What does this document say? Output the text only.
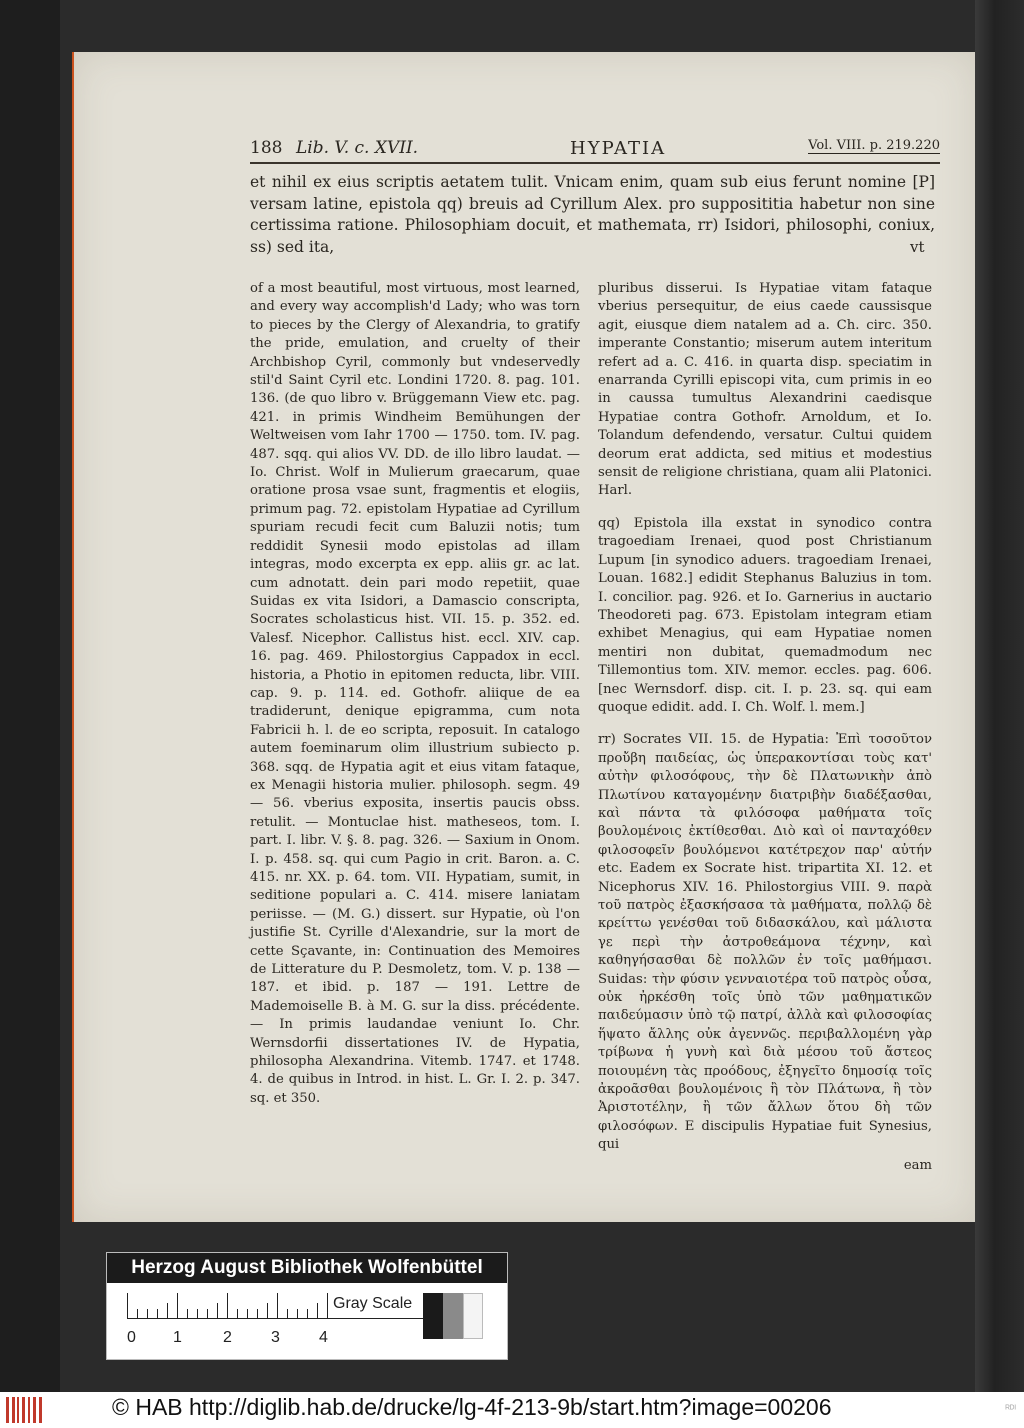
188 Lib. V. c. XVII.	HYPATIA	Vol. VIII. p. 219.220

et nihil ex eius scriptis aetatem tulit. Vnicam enim, quam sub eius ferunt nomine [P] versam latine, epistola qq) breuis ad Cyrillum Alex. pro supposititia habetur non sine certissima ratione. Philosophiam docuit, et mathemata, rr) Isidori, philosophi, coniux, ss) sed ita,	vt

of a most beautiful, most virtuous, most learned, and every way accomplish'd Lady; who was torn to pieces by the Clergy of Alexandria, to gratify the pride, emulation, and cruelty of their Archbishop Cyril, commonly but vndeservedly stil'd Saint Cyril etc. Londini 1720. 8. pag. 101. 136. (de quo libro v. Brüggemann View etc. pag. 421. in primis Windheim Bemühungen der Weltweisen vom Iahr 1700 — 1750. tom. IV. pag. 487. sqq. qui alios VV. DD. de illo libro laudat. — Io. Christ. Wolf in Mulierum graecarum, quae oratione prosa vsae sunt, fragmentis et elogiis, primum pag. 72. epistolam Hypatiae ad Cyrillum spuriam recudi fecit cum Baluzii notis; tum reddidit Synesii modo epistolas ad illam integras, modo excerpta ex epp. aliis gr. ac lat. cum adnotatt. dein pari modo repetiit, quae Suidas ex vita Isidori, a Damascio conscripta, Socrates scholasticus hist. VII. 15. p. 352. ed. Valesf. Nicephor. Callistus hist. eccl. XIV. cap. 16. pag. 469. Philostorgius Cappadox in eccl. historia, a Photio in epitomen reducta, libr. VIII. cap. 9. p. 114. ed. Gothofr. aliique de ea tradiderunt, denique epigramma, cum nota Fabricii h. l. de eo scripta, reposuit. In catalogo autem foeminarum olim illustrium subiecto p. 368. sqq. de Hypatia agit et eius vitam fataque, ex Menagii historia mulier. philosoph. segm. 49 — 56. vberius exposita, insertis paucis obss. retulit. — Montuclae hist. matheseos, tom. I. part. I. libr. V. §. 8. pag. 326. — Saxium in Onom. I. p. 458. sq. qui cum Pagio in crit. Baron. a. C. 415. nr. XX. p. 64. tom. VII. Hypatiam, sumit, in seditione populari a. C. 414. misere laniatam periisse. — (M. G.) dissert. sur Hypatie, où l'on justifie St. Cyrille d'Alexandrie, sur la mort de cette Sçavante, in: Continuation des Memoires de Litterature du P. Desmoletz, tom. V. p. 138 — 187. et ibid. p. 187 — 191. Lettre de Mademoiselle B. à M. G. sur la diss. précédente. — In primis laudandae veniunt Io. Chr. Wernsdorfii dissertationes IV. de Hypatia, philosopha Alexandrina. Vitemb. 1747. et 1748. 4. de quibus in Introd. in hist. L. Gr. I. 2. p. 347. sq. et 350.

pluribus disserui. Is Hypatiae vitam fataque vberius persequitur, de eius caede caussisque agit, eiusque diem natalem ad a. Ch. circ. 350. imperante Constantio; miserum autem interitum refert ad a. C. 416. in quarta disp. speciatim in enarranda Cyrilli episcopi vita, cum primis in eo in caussa tumultus Alexandrini caedisque Hypatiae contra Gothofr. Arnoldum, et Io. Tolandum defendendo, versatur. Cultui quidem deorum erat addicta, sed mitius et modestius sensit de religione christiana, quam alii Platonici. Harl.

qq) Epistola illa exstat in synodico contra tragoediam Irenaei, quod post Christianum Lupum [in synodico aduers. tragoediam Irenaei, Louan. 1682.] edidit Stephanus Baluzius in tom. I. concilior. pag. 926. et Io. Garnerius in auctario Theodoreti pag. 673. Epistolam integram etiam exhibet Menagius, qui eam Hypatiae nomen mentiri non dubitat, quemadmodum nec Tillemontius tom. XIV. memor. eccles. pag. 606. [nec Wernsdorf. disp. cit. I. p. 23. sq. qui eam quoque edidit. add. I. Ch. Wolf. l. mem.]

rr) Socrates VII. 15. de Hypatia: Ἐπὶ τοσοῦτον προὔβη παιδείας, ὡς ὑπερακοντίσαι τοὺς κατ' αὐτὴν φιλοσόφους, τὴν δὲ Πλατωνικὴν ἀπὸ Πλωτίνου καταγομένην διατριβὴν διαδέξασθαι, καὶ πάντα τὰ φιλόσοφα μαθήματα τοῖς βουλομένοις ἐκτίθεσθαι. Διὸ καὶ οἱ πανταχόθεν φιλοσοφεῖν βουλόμενοι κατέτρεχον παρ' αὐτήν etc. Eadem ex Socrate hist. tripartita XI. 12. et Nicephorus XIV. 16. Philostorgius VIII. 9. παρὰ τοῦ πατρὸς ἐξασκήσασα τὰ μαθήματα, πολλῷ δὲ κρείττω γενέσθαι τοῦ διδασκάλου, καὶ μάλιστα γε περὶ τὴν ἀστροθεάμονα τέχνην, καὶ καθηγήσασθαι δὲ πολλῶν ἐν τοῖς μαθήμασι. Suidas: τὴν φύσιν γενναιοτέρα τοῦ πατρὸς οὖσα, οὐκ ἠρκέσθη τοῖς ὑπὸ τῶν μαθηματικῶν παιδεύμασιν ὑπὸ τῷ πατρί, ἀλλὰ καὶ φιλοσοφίας ἥψατο ἄλλης οὐκ ἀγεννῶς. περιβαλλομένη γὰρ τρίβωνα ἡ γυνὴ καὶ διὰ μέσου τοῦ ἄστεος ποιουμένη τὰς προόδους, ἐξηγεῖτο δημοσίᾳ τοῖς ἀκροᾶσθαι βουλομένοις ἢ τὸν Πλάτωνα, ἢ τὸν Ἀριστοτέλην, ἢ τῶν ἄλλων ὅτου δὴ τῶν φιλοσόφων. E discipulis Hypatiae fuit Synesius, qui

eam
Herzog August Bibliothek Wolfenbüttel
0 1	2 3 4
Gray Scale
© HAB http://diglib.hab.de/drucke/lg-4f-213-9b/start.htm?image=00206	ᴿᴰᴵ
